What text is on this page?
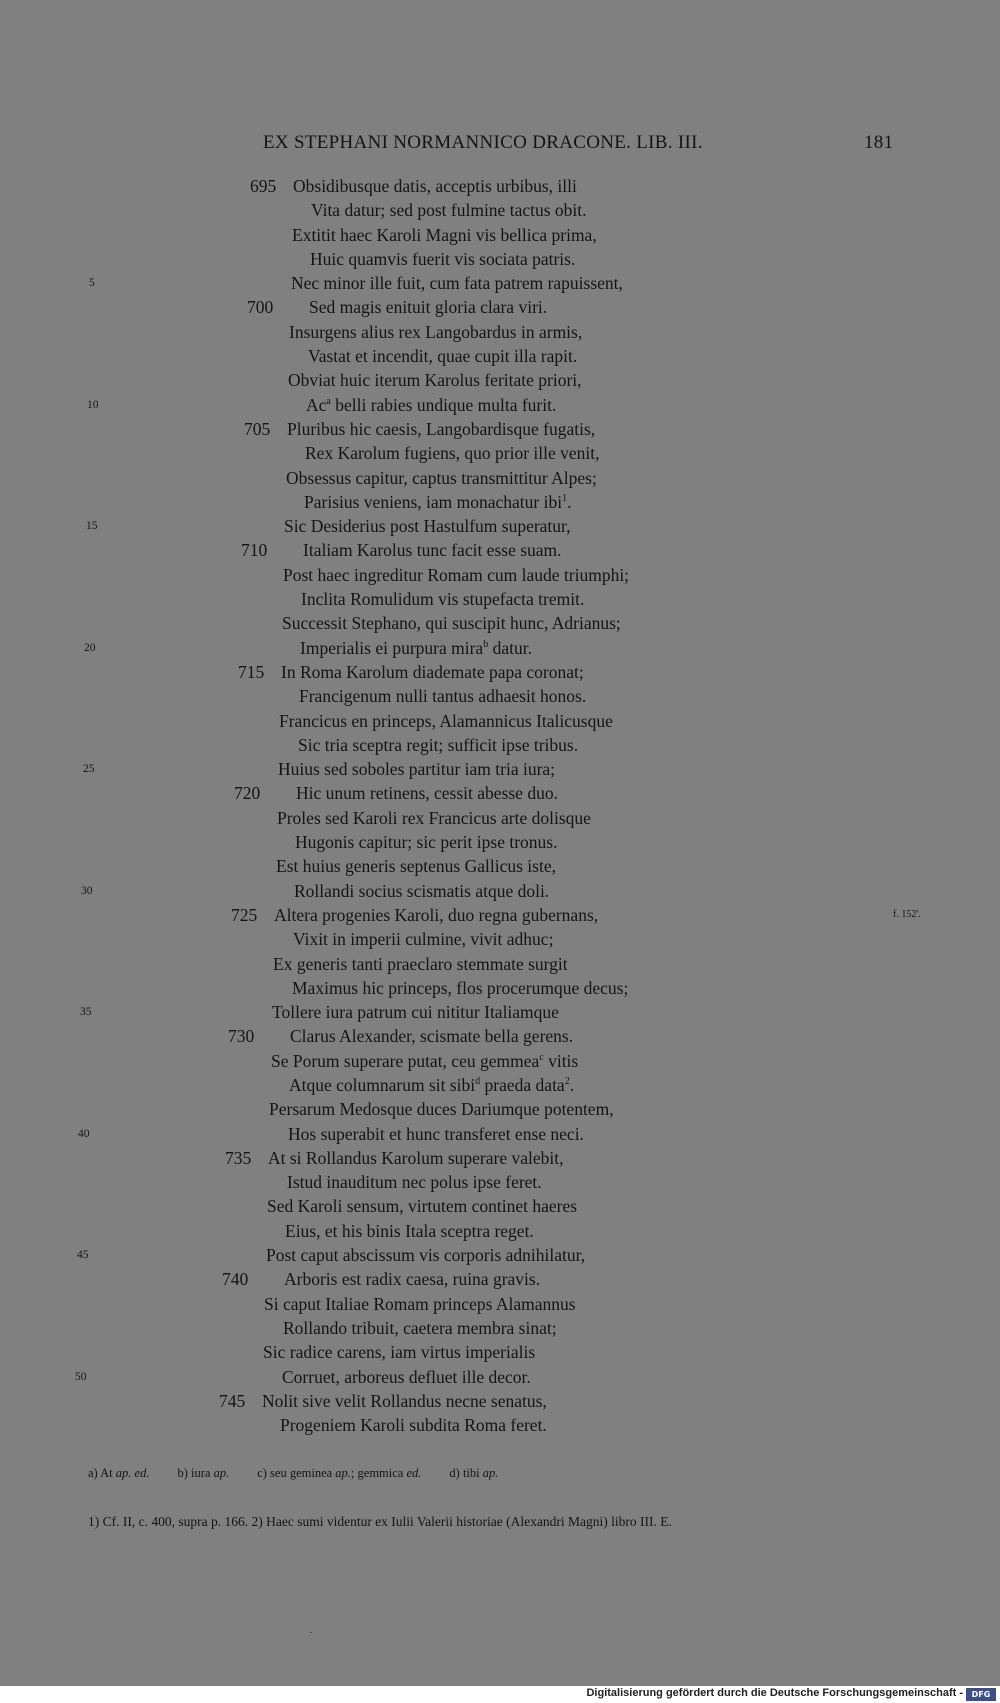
EX STEPHANI NORMANNICO DRACONE. LIB. III.	181
695 Obsidibusque datis, acceptis urbibus, illi
Vita datur; sed post fulmine tactus obit.
Extitit haec Karoli Magni vis bellica prima,
Huic quamvis fuerit vis sociata patris.
5	Nec minor ille fuit, cum fata patrem rapuissent,
700 Sed magis enituit gloria clara viri.
Insurgens alius rex Langobardus in armis,
Vastat et incendit, quae cupit illa rapit.
Obviat huic iterum Karolus feritate priori,
10	Ac$^a$ belli rabies undique multa furit.
705 Pluribus hic caesis, Langobardisque fugatis,
Rex Karolum fugiens, quo prior ille venit,
Obsessus capitur, captus transmittitur Alpes;
Parisius veniens, iam monachatur ibi$^1$.
15	Sic Desiderius post Hastulfum superatur,
710 Italiam Karolus tunc facit esse suam.
Post haec ingreditur Romam cum laude triumphi;
Inclita Romulidum vis stupefacta tremit.
Successit Stephano, qui suscipit hunc, Adrianus;
20	Imperialis ei purpura mira$^b$ datur.
715 In Roma Karolum diademate papa coronat;
Francigenum nulli tantus adhaesit honos.
Francicus en princeps, Alamannicus Italicusque
Sic tria sceptra regit; sufficit ipse tribus.
25	Huius sed soboles partitur iam tria iura;
720 Hic unum retinens, cessit abesse duo.
Proles sed Karoli rex Francicus arte dolisque
Hugonis capitur; sic perit ipse tronus.
Est huius generis septenus Gallicus iste,
30	Rollandi socius scismatis atque doli.
725 Altera progenies Karoli, duo regna gubernans,	f. 152'.
Vixit in imperii culmine, vivit adhuc;
Ex generis tanti praeclaro stemmate surgit
Maximus hic princeps, flos procerumque decus;
35	Tollere iura patrum cui nititur Italiamque
730 Clarus Alexander, scismate bella gerens.
Se Porum superare putat, ceu gemmea$^c$ vitis
Atque columnarum sit sibi$^d$ praeda data$^2$.
Persarum Medosque duces Dariumque potentem,
40	Hos superabit et hunc transferet ense neci.
735 At si Rollandus Karolum superare valebit,
Istud inauditum nec polus ipse feret.
Sed Karoli sensum, virtutem continet haeres
Eius, et his binis Itala sceptra reget.
45	Post caput abscissum vis corporis adnihilatur,
740 Arboris est radix caesa, ruina gravis.
Si caput Italiae Romam princeps Alamannus
Rollando tribuit, caetera membra sinat;
Sic radice carens, iam virtus imperialis
50	Corruet, arboreus defluet ille decor.
745 Nolit sive velit Rollandus necne senatus,
Progeniem Karoli subdita Roma feret.
a) At ap. ed. b) iura ap. c) seu geminea ap.; gemmica ed. d) tibi ap.
1) Cf. II, c. 400, supra p. 166. 2) Haec sumi videntur ex Iulii Valerii historiae (Alexandri Magni) libro III. E.
Digitalisierung gefördert durch die Deutsche Forschungsgemeinschaft -	DFG
